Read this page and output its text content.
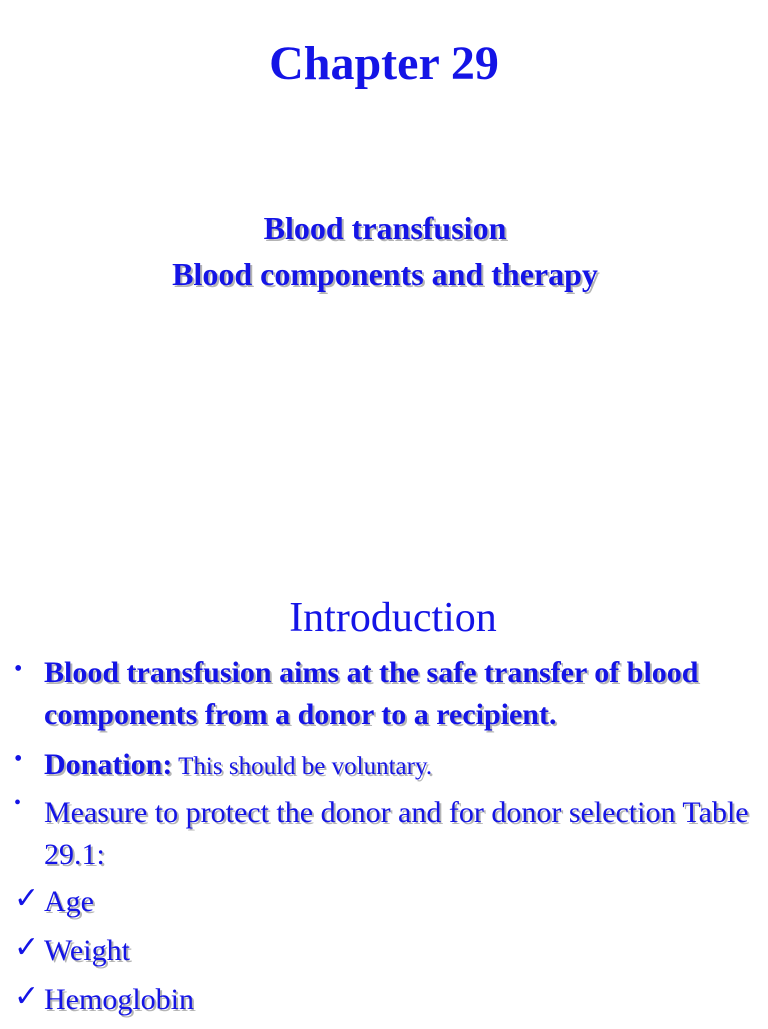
Chapter 29
Blood transfusion
Blood components and therapy
Introduction
• Blood transfusion aims at the safe transfer of blood components from a donor to a recipient.
• Donation: This should be voluntary.
• Measure to protect the donor and for donor selection Table 29.1:
✓ Age
✓ Weight
✓ Hemoglobin
